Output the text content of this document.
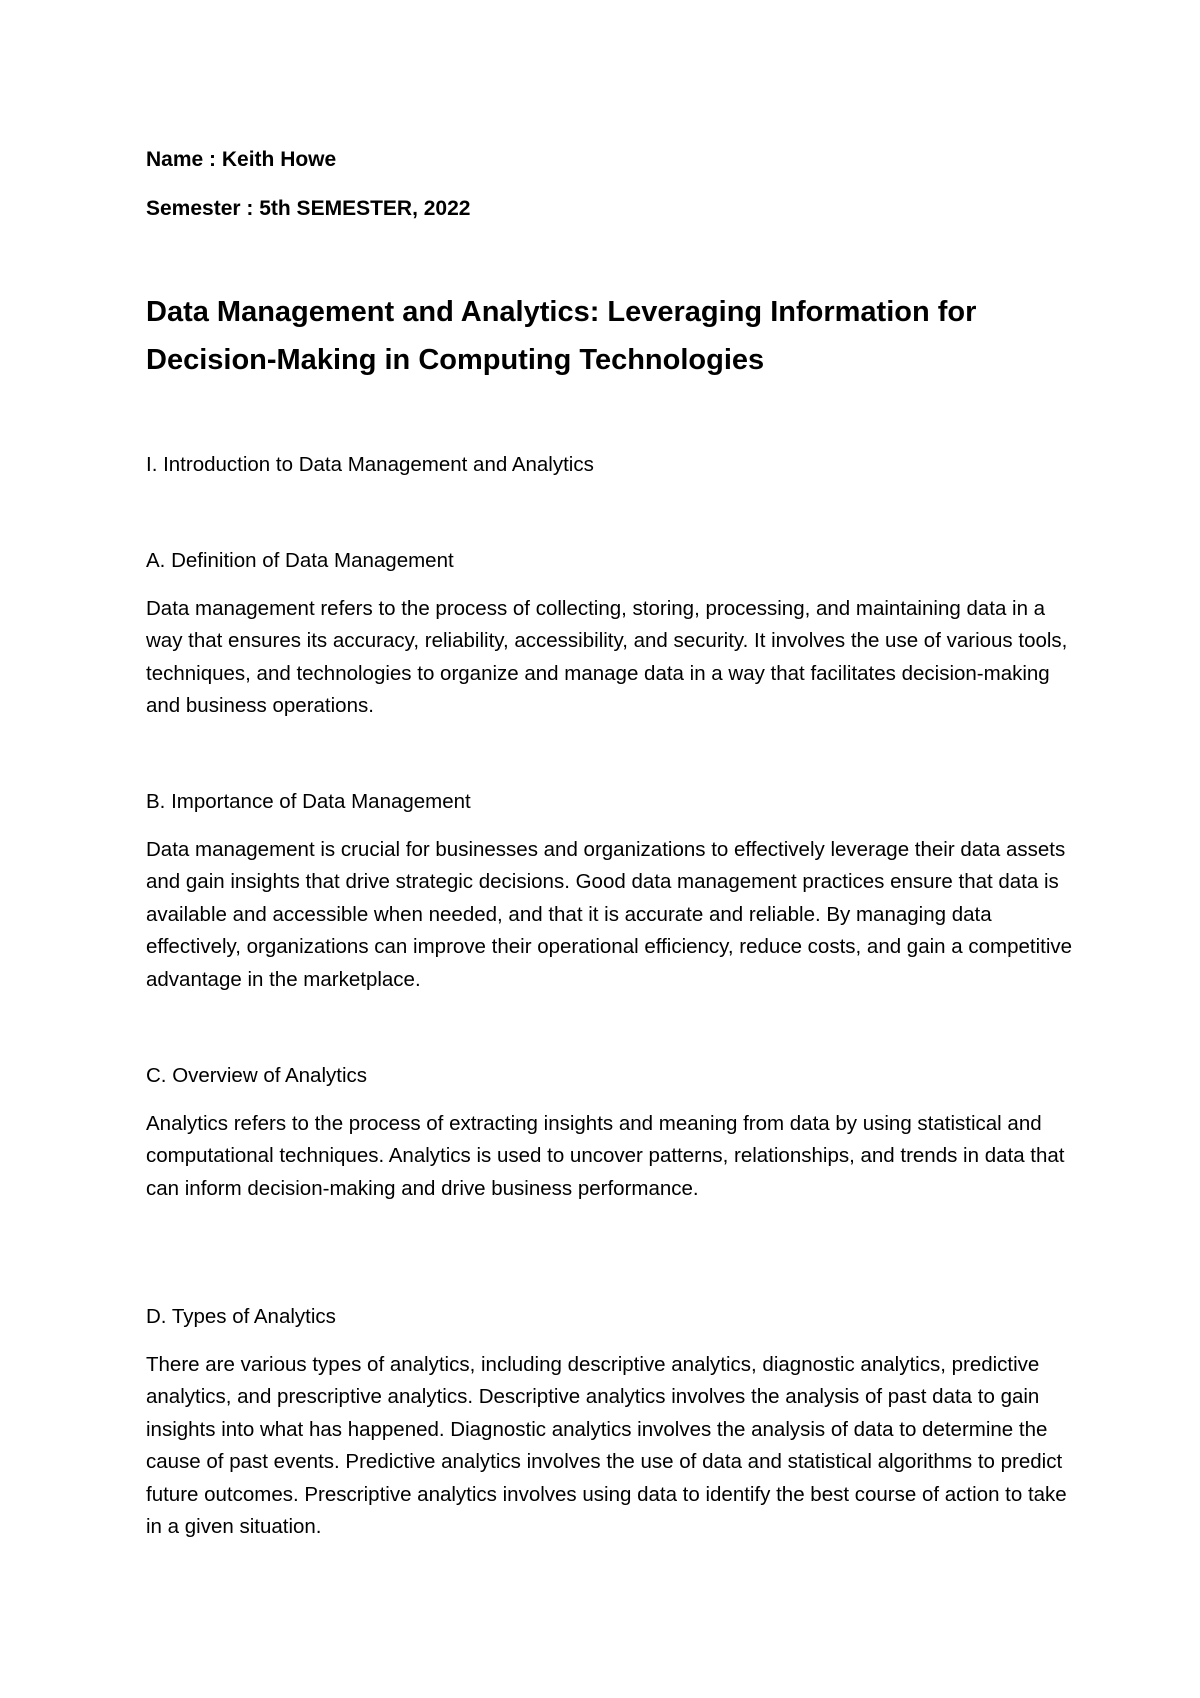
Name : Keith Howe
Semester : 5th SEMESTER, 2022
Data Management and Analytics: Leveraging Information for Decision-Making in Computing Technologies
I. Introduction to Data Management and Analytics
A. Definition of Data Management

Data management refers to the process of collecting, storing, processing, and maintaining data in a way that ensures its accuracy, reliability, accessibility, and security. It involves the use of various tools, techniques, and technologies to organize and manage data in a way that facilitates decision-making and business operations.

B. Importance of Data Management

Data management is crucial for businesses and organizations to effectively leverage their data assets and gain insights that drive strategic decisions. Good data management practices ensure that data is available and accessible when needed, and that it is accurate and reliable. By managing data effectively, organizations can improve their operational efficiency, reduce costs, and gain a competitive advantage in the marketplace.

C. Overview of Analytics

Analytics refers to the process of extracting insights and meaning from data by using statistical and computational techniques. Analytics is used to uncover patterns, relationships, and trends in data that can inform decision-making and drive business performance.

D. Types of Analytics

There are various types of analytics, including descriptive analytics, diagnostic analytics, predictive analytics, and prescriptive analytics. Descriptive analytics involves the analysis of past data to gain insights into what has happened. Diagnostic analytics involves the analysis of data to determine the cause of past events. Predictive analytics involves the use of data and statistical algorithms to predict future outcomes. Prescriptive analytics involves using data to identify the best course of action to take in a given situation.
